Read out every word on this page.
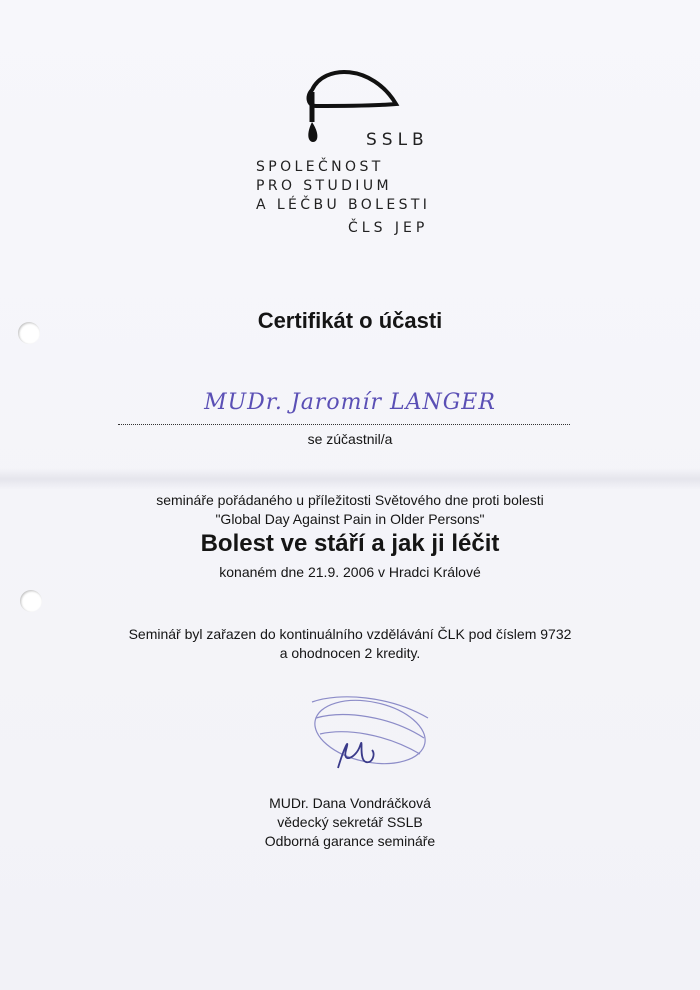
SSLB

SPOLEČNOST
PRO STUDIUM
A LÉČBU BOLESTI

ČLS JEP

Certifikát o účasti

MUDr. Jaromír LANGER

se zúčastnil/a

semináře pořádaného u příležitosti Světového dne proti bolesti

"Global Day Against Pain in Older Persons"

Bolest ve stáří a jak ji léčit

konaném dne 21.9. 2006 v Hradci Králové

Seminář byl zařazen do kontinuálního vzdělávání ČLK pod číslem 9732

a ohodnocen 2 kredity.

MUDr. Dana Vondráčková

vědecký sekretář SSLB

Odborná garance semináře
